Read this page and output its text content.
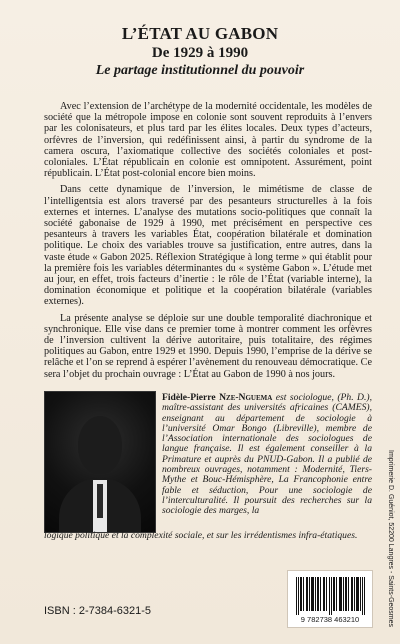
L’ÉTAT AU GABON
De 1929 à 1990
Le partage institutionnel du pouvoir

Avec l’extension de l’archétype de la modernité occidentale, les modèles de société que la métropole impose en colonie sont souvent reproduits à l’envers par les colonisateurs, et plus tard par les élites locales. Deux types d’acteurs, orfèvres de l’inversion, qui redéfinissent ainsi, à partir du syndrome de la camera oscura, l’axiomatique collective des sociétés coloniales et post-coloniales. L’État républicain en colonie est omnipotent. Assurément, point républicain. L’État post-colonial encore bien moins.

Dans cette dynamique de l’inversion, le mimétisme de classe de l’intelligentsia est alors traversé par des pesanteurs structurelles à la fois externes et internes. L’analyse des mutations socio-politiques que connaît la société gabonaise de 1929 à 1990, met précisément en perspective ces pesanteurs à travers les variables État, coopération bilatérale et domination politique. Le choix des variables trouve sa justification, entre autres, dans la vaste étude « Gabon 2025. Réflexion Stratégique à long terme » qui établit pour la première fois les variables déterminantes du « système Gabon ». L’étude met au jour, en effet, trois facteurs d’inertie : le rôle de l’État (variable interne), la domination économique et politique et la coopération bilatérale (variables externes).

La présente analyse se déploie sur une double temporalité diachronique et synchronique. Elle vise dans ce premier tome à montrer comment les orfèvres de l’inversion cultivent la dérive autoritaire, puis totalitaire, des régimes politiques au Gabon, entre 1929 et 1990. Depuis 1990, l’emprise de la dérive se relâche et l’on se reprend à espérer l’avènement du renouveau démocratique. Ce sera l’objet du prochain ouvrage : L’État au Gabon de 1990 à nos jours.

Fidèle-Pierre Nze-Nguema est sociologue, (Ph. D.), maître-assistant des universités africaines (CAMES), enseignant au département de sociologie à l’université Omar Bongo (Libreville), membre de l’Association internationale des sociologues de langue française. Il est également conseiller à la Primature et auprès du PNUD-Gabon. Il a publié de nombreux ouvrages, notamment : Modernité, Tiers-Mythe et Bouc-Hémisphère, La Francophonie entre fable et séduction, Pour une sociologie de l’interculturalité. Il poursuit des recherches sur la sociologie des marges, la
logique politique et la complexité sociale, et sur les irrédentismes infra-étatiques.
ISBN : 2-7384-6321-5
9 782738 463210	Imprimerie D. Guéniot, 52200 Langres - Saints-Geosmes
